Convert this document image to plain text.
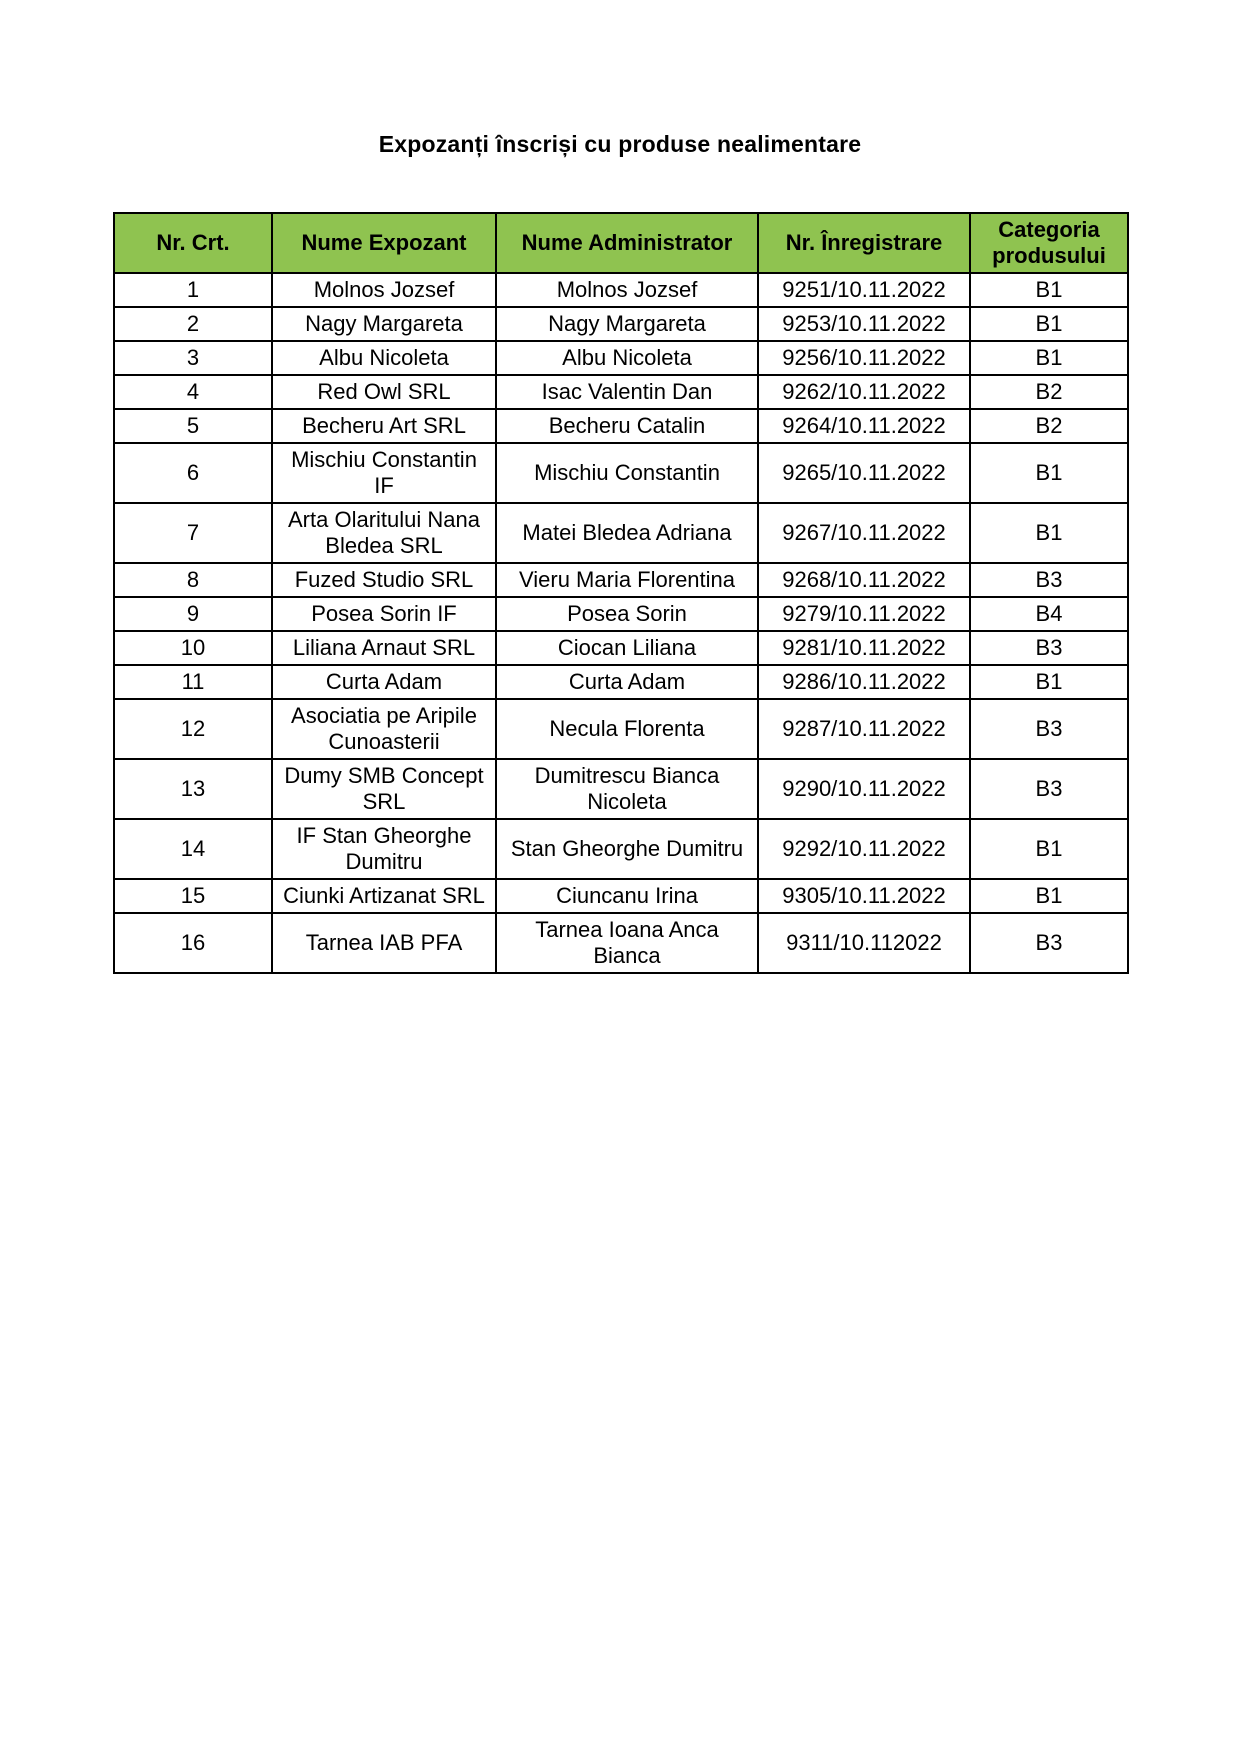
Expozanți înscriși cu produse nealimentare
Nr. Crt.	Nume Expozant	Nume Administrator	Nr. Înregistrare	Categoria produsului
1	Molnos Jozsef	Molnos Jozsef	9251/10.11.2022	B1
2	Nagy Margareta	Nagy Margareta	9253/10.11.2022	B1
3	Albu Nicoleta	Albu Nicoleta	9256/10.11.2022	B1
4	Red Owl SRL	Isac Valentin Dan	9262/10.11.2022	B2
5	Becheru Art SRL	Becheru Catalin	9264/10.11.2022	B2
6	Mischiu Constantin IF	Mischiu Constantin	9265/10.11.2022	B1
7	Arta Olaritului Nana Bledea SRL	Matei Bledea Adriana	9267/10.11.2022	B1
8	Fuzed Studio SRL	Vieru Maria Florentina	9268/10.11.2022	B3
9	Posea Sorin IF	Posea Sorin	9279/10.11.2022	B4
10	Liliana Arnaut SRL	Ciocan Liliana	9281/10.11.2022	B3
11	Curta Adam	Curta Adam	9286/10.11.2022	B1
12	Asociatia pe Aripile Cunoasterii	Necula Florenta	9287/10.11.2022	B3
13	Dumy SMB Concept SRL	Dumitrescu Bianca Nicoleta	9290/10.11.2022	B3
14	IF Stan Gheorghe Dumitru	Stan Gheorghe Dumitru	9292/10.11.2022	B1
15	Ciunki Artizanat SRL	Ciuncanu Irina	9305/10.11.2022	B1
16	Tarnea IAB PFA	Tarnea Ioana Anca Bianca	9311/10.112022	B3
